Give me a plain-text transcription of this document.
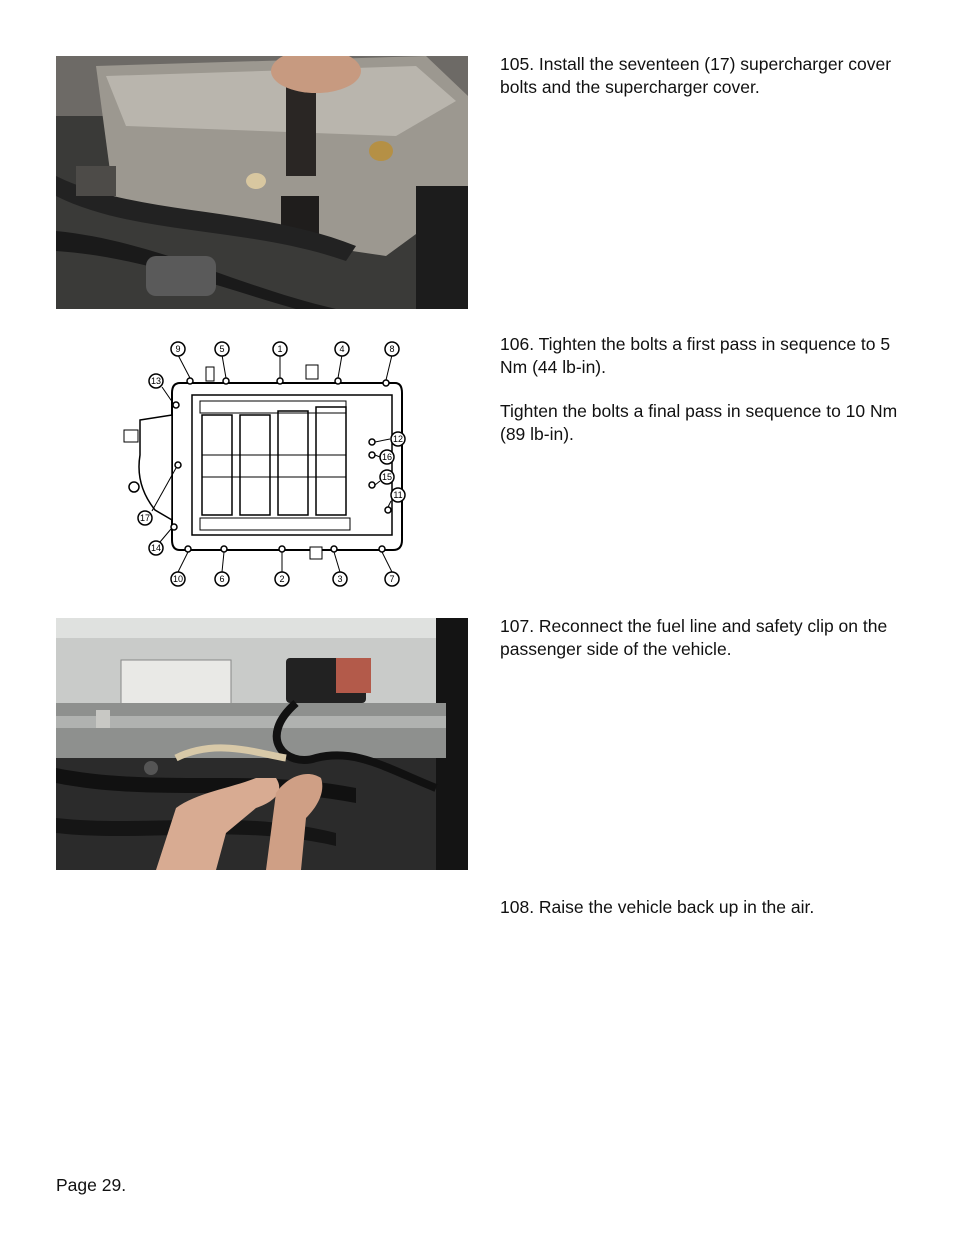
105. Install the seventeen (17) supercharger cover bolts and the supercharger cover.

1
2	3
4
5
6	7
8
9
10
11
12
13
14
15
16
17

106. Tighten the bolts a first pass in sequence to 5 Nm (44 lb-in).

Tighten the bolts a final pass in sequence to 10 Nm (89 lb-in).

107. Reconnect the fuel line and safety clip on the passenger side of the vehicle.

108. Raise the vehicle back up in the air.

Page 29.
